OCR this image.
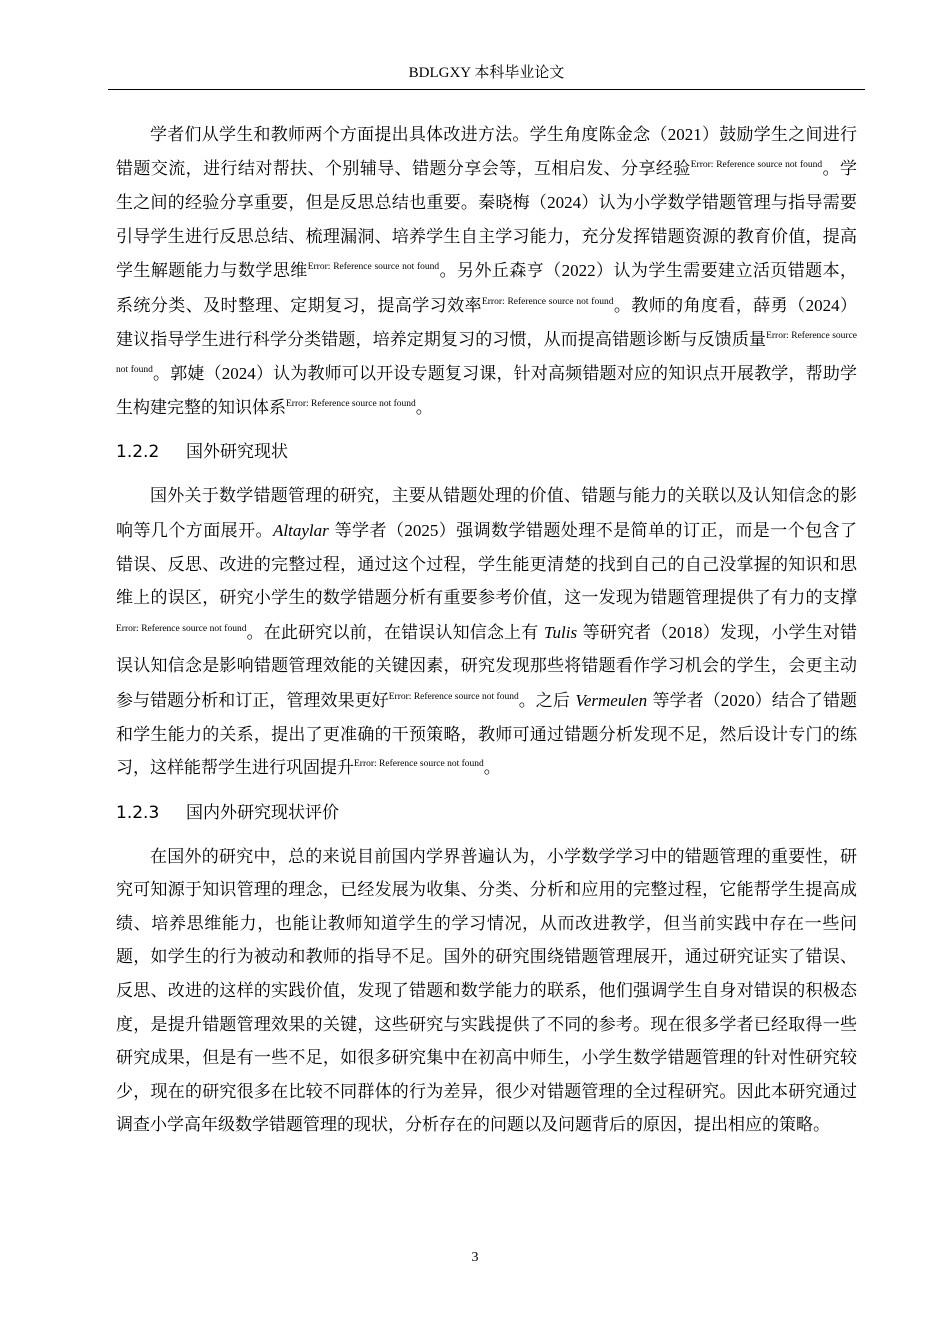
BDLGXY 本科毕业论文

学者们从学生和教师两个方面提出具体改进方法。学生角度陈金念（2021）鼓励学生之间进行错题交流，进行结对帮扶、个别辅导、错题分享会等，互相启发、分享经验$^{Error: Reference source not found}$。学生之间的经验分享重要，但是反思总结也重要。秦晓梅（2024）认为小学数学错题管理与指导需要引导学生进行反思总结、梳理漏洞、培养学生自主学习能力，充分发挥错题资源的教育价值，提高学生解题能力与数学思维$^{Error: Reference source not found}$。另外丘森亨（2022）认为学生需要建立活页错题本，系统分类、及时整理、定期复习，提高学习效率$^{Error: Reference source not found}$。教师的角度看，薛勇（2024）建议指导学生进行科学分类错题，培养定期复习的习惯，从而提高错题诊断与反馈质量$^{Error: Reference source not found}$。郭婕（2024）认为教师可以开设专题复习课，针对高频错题对应的知识点开展教学，帮助学生构建完整的知识体系$^{Error: Reference source not found}$。

1.2.2 国外研究现状

国外关于数学错题管理的研究，主要从错题处理的价值、错题与能力的关联以及认知信念的影响等几个方面展开。Altaylar 等学者（2025）强调数学错题处理不是简单的订正，而是一个包含了错误、反思、改进的完整过程，通过这个过程，学生能更清楚的找到自己的自己没掌握的知识和思维上的误区，研究小学生的数学错题分析有重要参考价值，这一发现为错题管理提供了有力的支撑$^{Error: Reference source not found}$。在此研究以前，在错误认知信念上有 Tulis 等研究者（2018）发现，小学生对错误认知信念是影响错题管理效能的关键因素，研究发现那些将错题看作学习机会的学生，会更主动参与错题分析和订正，管理效果更好$^{Error: Reference source not found}$。之后 Vermeulen 等学者（2020）结合了错题和学生能力的关系，提出了更准确的干预策略，教师可通过错题分析发现不足，然后设计专门的练习，这样能帮学生进行巩固提升$^{Error: Reference source not found}$。

1.2.3 国内外研究现状评价

在国外的研究中，总的来说目前国内学界普遍认为，小学数学学习中的错题管理的重要性，研究可知源于知识管理的理念，已经发展为收集、分类、分析和应用的完整过程，它能帮学生提高成绩、培养思维能力，也能让教师知道学生的学习情况，从而改进教学，但当前实践中存在一些问题，如学生的行为被动和教师的指导不足。国外的研究围绕错题管理展开，通过研究证实了错误、反思、改进的这样的实践价值，发现了错题和数学能力的联系，他们强调学生自身对错误的积极态度，是提升错题管理效果的关键，这些研究与实践提供了不同的参考。现在很多学者已经取得一些研究成果，但是有一些不足，如很多研究集中在初高中师生，小学生数学错题管理的针对性研究较少，现在的研究很多在比较不同群体的行为差异，很少对错题管理的全过程研究。因此本研究通过调查小学高年级数学错题管理的现状，分析存在的问题以及问题背后的原因，提出相应的策略。

3
